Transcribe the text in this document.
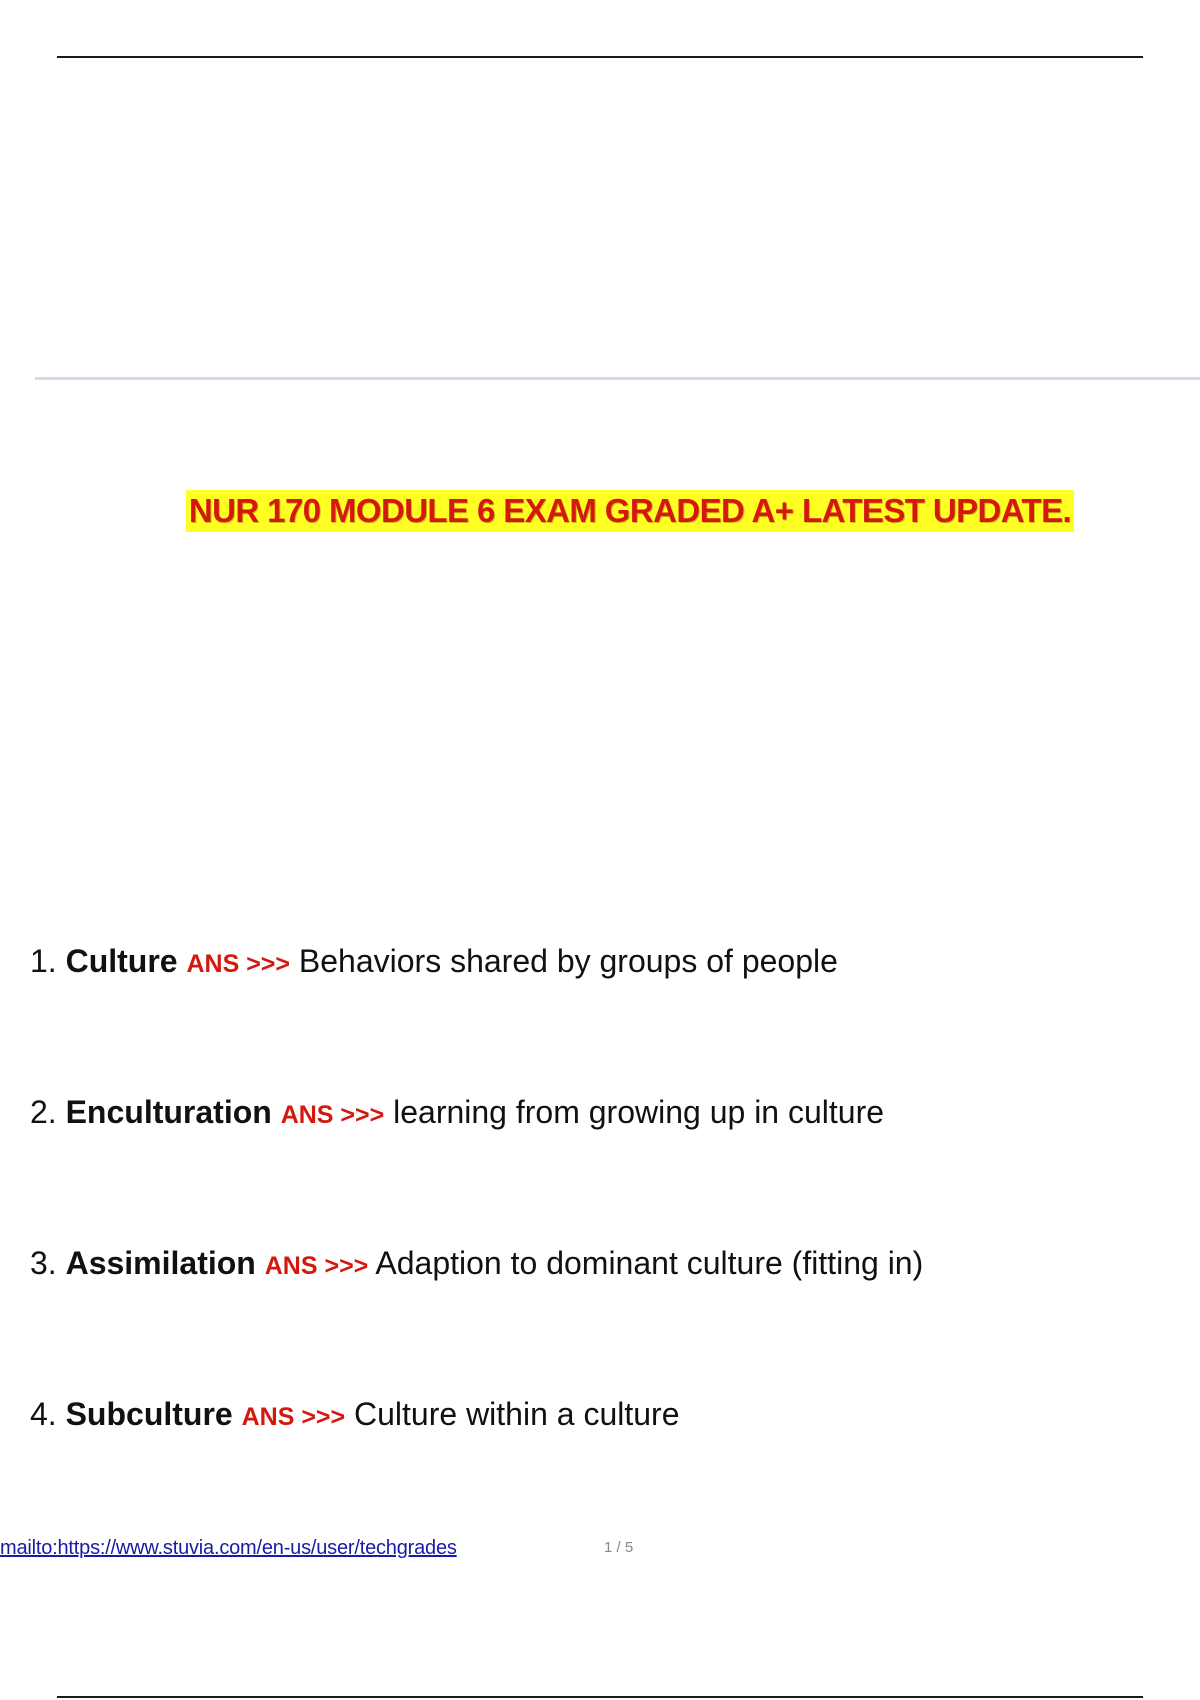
NUR 170 MODULE 6 EXAM GRADED A+ LATEST UPDATE.
1. Culture ANS >>> Behaviors shared by groups of people
2. Enculturation ANS >>> learning from growing up in culture
3. Assimilation ANS >>> Adaption to dominant culture (fitting in)
4. Subculture ANS >>> Culture within a culture
mailto:https://www.stuvia.com/en-us/user/techgrades	1 / 5
